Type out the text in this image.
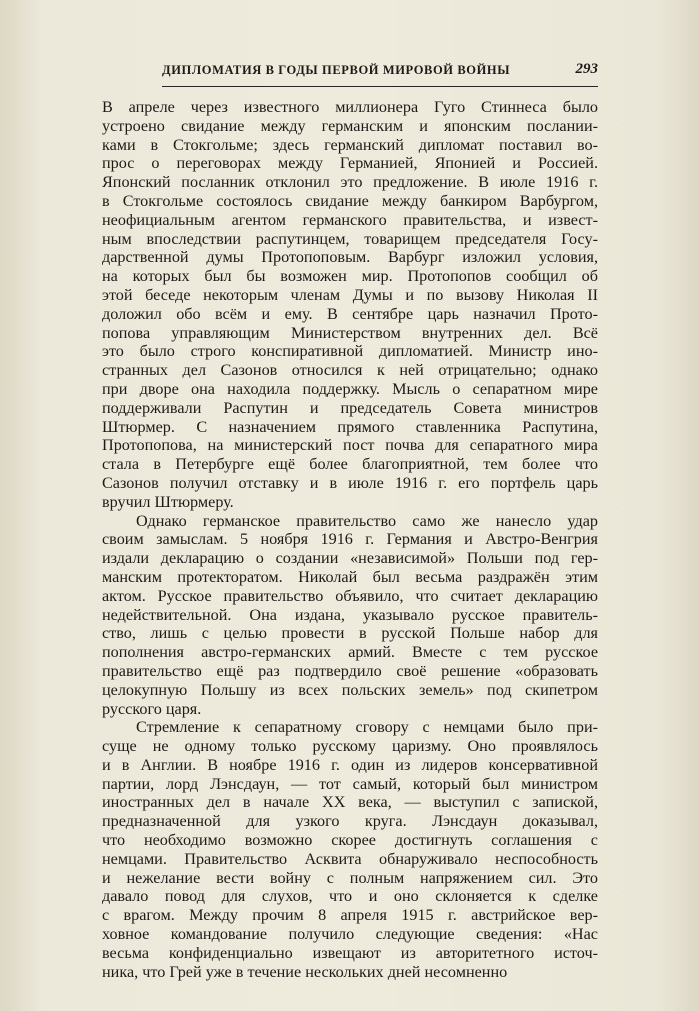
ДИПЛОМАТИЯ В ГОДЫ ПЕРВОЙ МИРОВОЙ ВОЙНЫ	293
В апреле через известного миллионера Гуго Стиннеса было
устроено свидание между германским и японским послании-
ками в Стокгольме; здесь германский дипломат поставил во-
прос о переговорах между Германией, Японией и Россией.
Японский посланник отклонил это предложение. В июле 1916 г.
в Стокгольме состоялось свидание между банкиром Варбургом,
неофициальным агентом германского правительства, и извест-
ным впоследствии распутинцем, товарищем председателя Госу-
дарственной думы Протопоповым. Варбург изложил условия,
на которых был бы возможен мир. Протопопов сообщил об
этой беседе некоторым членам Думы и по вызову Николая II
доложил обо всём и ему. В сентябре царь назначил Прото-
попова управляющим Министерством внутренних дел. Всё
это было строго конспиративной дипломатией. Министр ино-
странных дел Сазонов относился к ней отрицательно; однако
при дворе она находила поддержку. Мысль о сепаратном мире
поддерживали Распутин и председатель Совета министров
Штюрмер. С назначением прямого ставленника Распутина,
Протопопова, на министерский пост почва для сепаратного мира
стала в Петербурге ещё более благоприятной, тем более что
Сазонов получил отставку и в июле 1916 г. его портфель царь
вручил Штюрмеру.
Однако германское правительство само же нанесло удар
своим замыслам. 5 ноября 1916 г. Германия и Австро-Венгрия
издали декларацию о создании «независимой» Польши под гер-
манским протекторатом. Николай был весьма раздражён этим
актом. Русское правительство объявило, что считает декларацию
недействительной. Она издана, указывало русское правитель-
ство, лишь с целью провести в русской Польше набор для
пополнения австро-германских армий. Вместе с тем русское
правительство ещё раз подтвердило своё решение «образовать
целокупную Польшу из всех польских земель» под скипетром
русского царя.
Стремление к сепаратному сговору с немцами было при-
суще не одному только русскому царизму. Оно проявлялось
и в Англии. В ноябре 1916 г. один из лидеров консервативной
партии, лорд Лэнсдаун, — тот самый, который был министром
иностранных дел в начале XX века, — выступил с запиской,
предназначенной для узкого круга. Лэнсдаун доказывал,
что необходимо возможно скорее достигнуть соглашения с
немцами. Правительство Асквита обнаруживало неспособность
и нежелание вести войну с полным напряжением сил. Это
давало повод для слухов, что и оно склоняется к сделке
с врагом. Между прочим 8 апреля 1915 г. австрийское вер-
ховное командование получило следующие сведения: «Нас
весьма конфиденциально извещают из авторитетного источ-
ника, что Грей уже в течение нескольких дней несомненно
